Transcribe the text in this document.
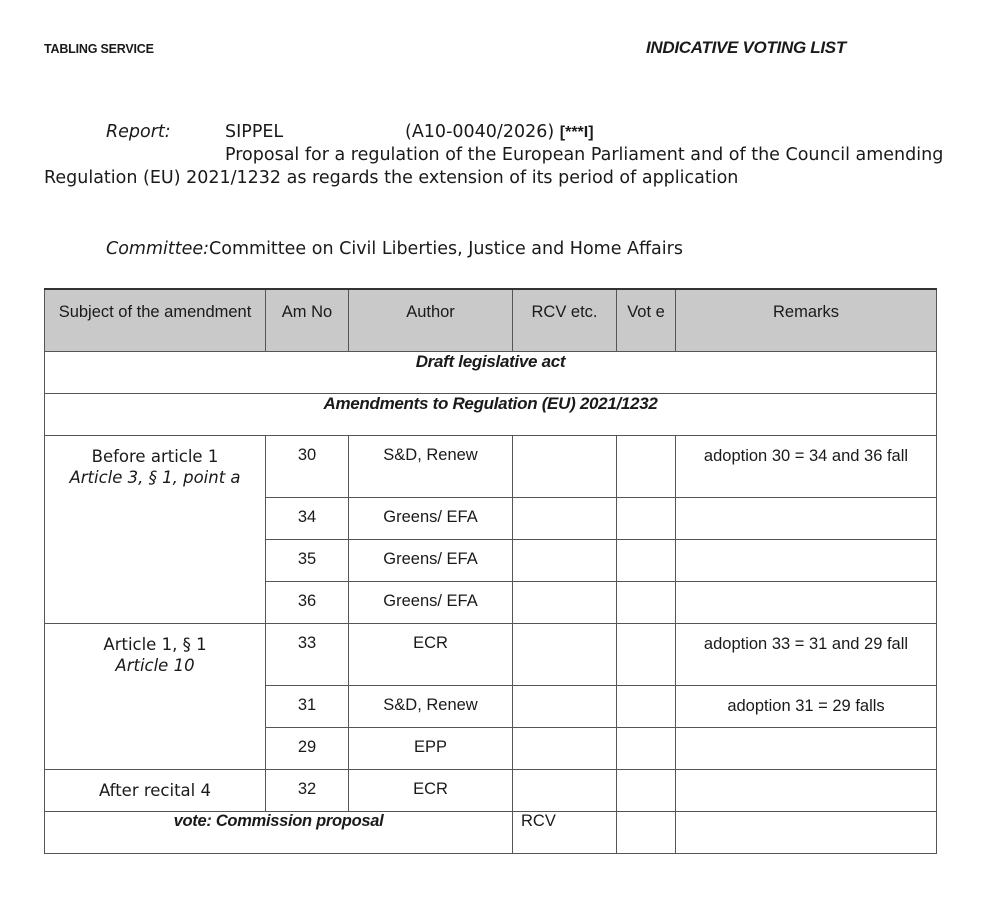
TABLING SERVICE	INDICATIVE VOTING LIST
Report:	SIPPEL	(A10-0040/2026) [***I]
Proposal for a regulation of the European Parliament and of the Council amending Regulation (EU) 2021/1232 as regards the extension of its period of application
Committee:Committee on Civil Liberties, Justice and Home Affairs
Subject of the amendment	Am No	Author	RCV etc.	Vot e	Remarks
Draft legislative act					
Amendments to Regulation (EU) 2021/1232					
Before article 1
Article 3, § 1, point a	30	S&D, Renew			adoption 30 = 34 and 36 fall
	34	Greens/ EFA			
	35	Greens/ EFA			
	36	Greens/ EFA			
Article 1, § 1
Article 10	33	ECR			adoption 33 = 31 and 29 fall
	31	S&D, Renew			adoption 31 = 29 falls
	29	EPP			
After recital 4	32	ECR			
vote: Commission proposal			RCV		
